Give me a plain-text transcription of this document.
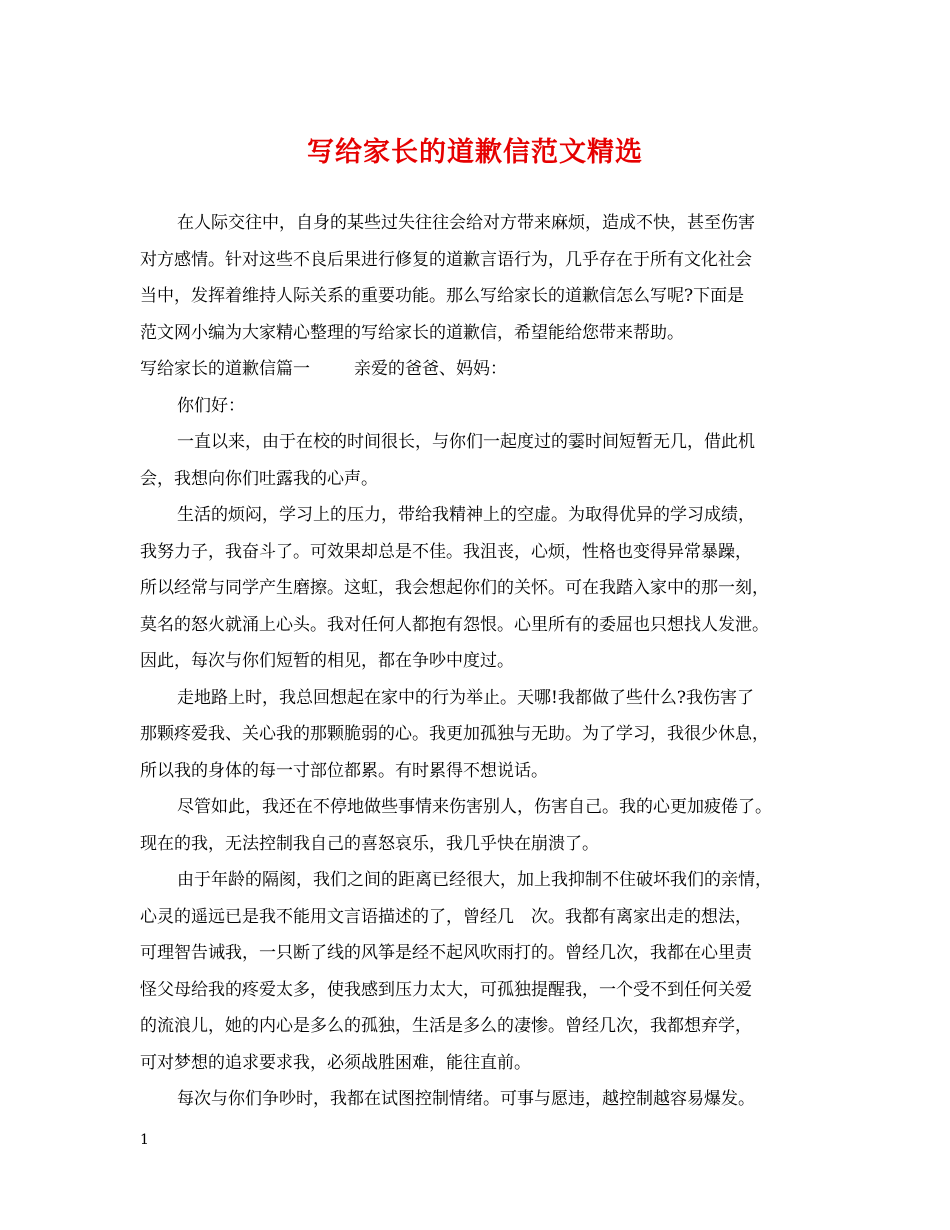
写给家长的道歉信范文精选
在人际交往中，自身的某些过失往往会给对方带来麻烦，造成不快，甚至伤害
对方感情。针对这些不良后果进行修复的道歉言语行为，几乎存在于所有文化社会
当中，发挥着维持人际关系的重要功能。那么写给家长的道歉信怎么写呢?下面是
范文网小编为大家精心整理的写给家长的道歉信，希望能给您带来帮助。
写给家长的道歉信篇一	亲爱的爸爸、妈妈：
你们好：
一直以来，由于在校的时间很长，与你们一起度过的霎时间短暂无几，借此机
会，我想向你们吐露我的心声。
生活的烦闷，学习上的压力，带给我精神上的空虚。为取得优异的学习成绩，
我努力子，我奋斗了。可效果却总是不佳。我沮丧，心烦，性格也变得异常暴躁，
所以经常与同学产生磨擦。这虹，我会想起你们的关怀。可在我踏入家中的那一刻，
莫名的怒火就涌上心头。我对任何人都抱有怨恨。心里所有的委屈也只想找人发泄。
因此，每次与你们短暂的相见，都在争吵中度过。
走地路上时，我总回想起在家中的行为举止。天哪!我都做了些什么?我伤害了
那颗疼爱我、关心我的那颗脆弱的心。我更加孤独与无助。为了学习，我很少休息，
所以我的身体的每一寸部位都累。有时累得不想说话。
尽管如此，我还在不停地做些事情来伤害别人，伤害自己。我的心更加疲倦了。
现在的我，无法控制我自己的喜怒哀乐，我几乎快在崩溃了。
由于年龄的隔阂，我们之间的距离已经很大，加上我抑制不住破坏我们的亲情，
心灵的遥远已是我不能用文言语描述的了，曾经几　次。我都有离家出走的想法，
可理智告诫我，一只断了线的风筝是经不起风吹雨打的。曾经几次，我都在心里责
怪父母给我的疼爱太多，使我感到压力太大，可孤独提醒我，一个受不到任何关爱
的流浪儿，她的内心是多么的孤独，生活是多么的凄惨。曾经几次，我都想弃学，
可对梦想的追求要求我，必须战胜困难，能往直前。
每次与你们争吵时，我都在试图控制情绪。可事与愿违，越控制越容易爆发。
1
